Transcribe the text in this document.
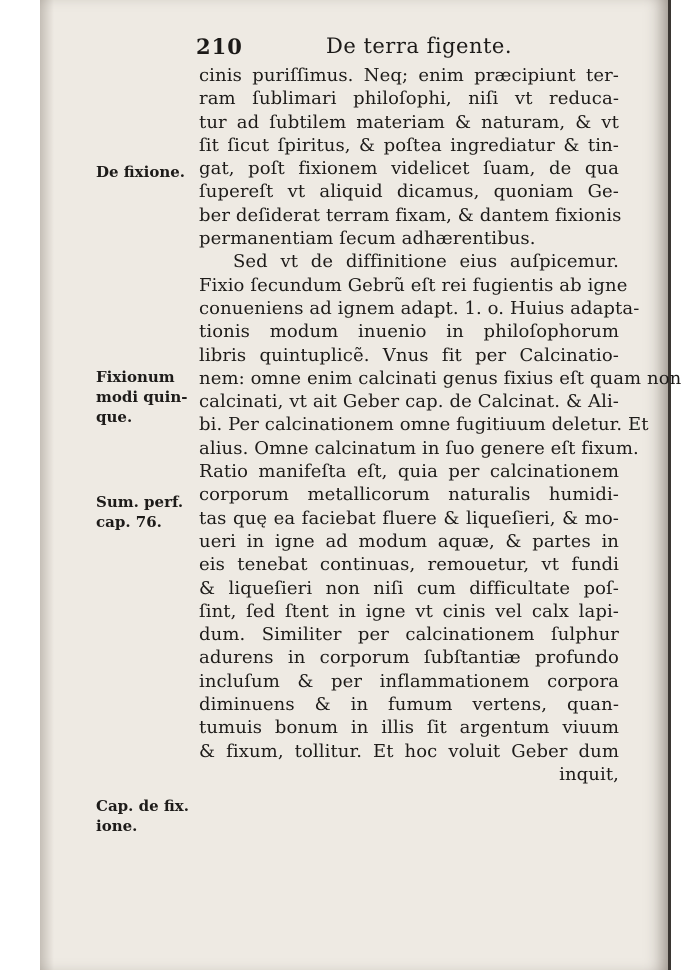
210	De terra figente.
cinis puriſſimus. Neq; enim præcipiunt ter-
ram ſublimari philoſophi, niſi vt reduca-
tur ad ſubtilem materiam & naturam, & vt
ſit ſicut ſpiritus, & poſtea ingrediatur & tin-
gat, poſt fixionem videlicet ſuam, de qua
ſupereſt vt aliquid dicamus, quoniam Ge-
ber deſiderat terram fixam, & dantem fixionis
permanentiam ſecum adhærentibus.
Sed vt de diffinitione eius auſpicemur.
Fixio ſecundum Gebrũ eſt rei fugientis ab igne
conueniens ad ignem adapt. 1. o. Huius adapta-
tionis modum inuenio in philoſophorum
libris quintuplicẽ. Vnus fit per Calcinatio-
nem: omne enim calcinati genus fixius eſt quam non
calcinati, vt ait Geber cap. de Calcinat. & Ali-
bi. Per calcinationem omne fugitiuum deletur. Et
alius. Omne calcinatum in ſuo genere eſt fixum.
Ratio manifeſta eſt, quia per calcinationem
corporum metallicorum naturalis humidi-
tas quę ea faciebat fluere & liqueſieri, & mo-
ueri in igne ad modum aquæ, & partes in
eis tenebat continuas, remouetur, vt fundi
& liqueſieri non niſi cum difficultate poſ-
ſint, ſed ſtent in igne vt cinis vel calx lapi-
dum. Similiter per calcinationem ſulphur
adurens in corporum ſubſtantiæ profundo
incluſum & per inflammationem corpora
diminuens & in fumum vertens, quan-
tumuis bonum in illis ſit argentum viuum
& fixum, tollitur. Et hoc voluit Geber dum
inquit,
De fixione.
Fixionum
modi quin-
que.
Sum. perf.
cap. 76.
Cap. de fix.
ione.
